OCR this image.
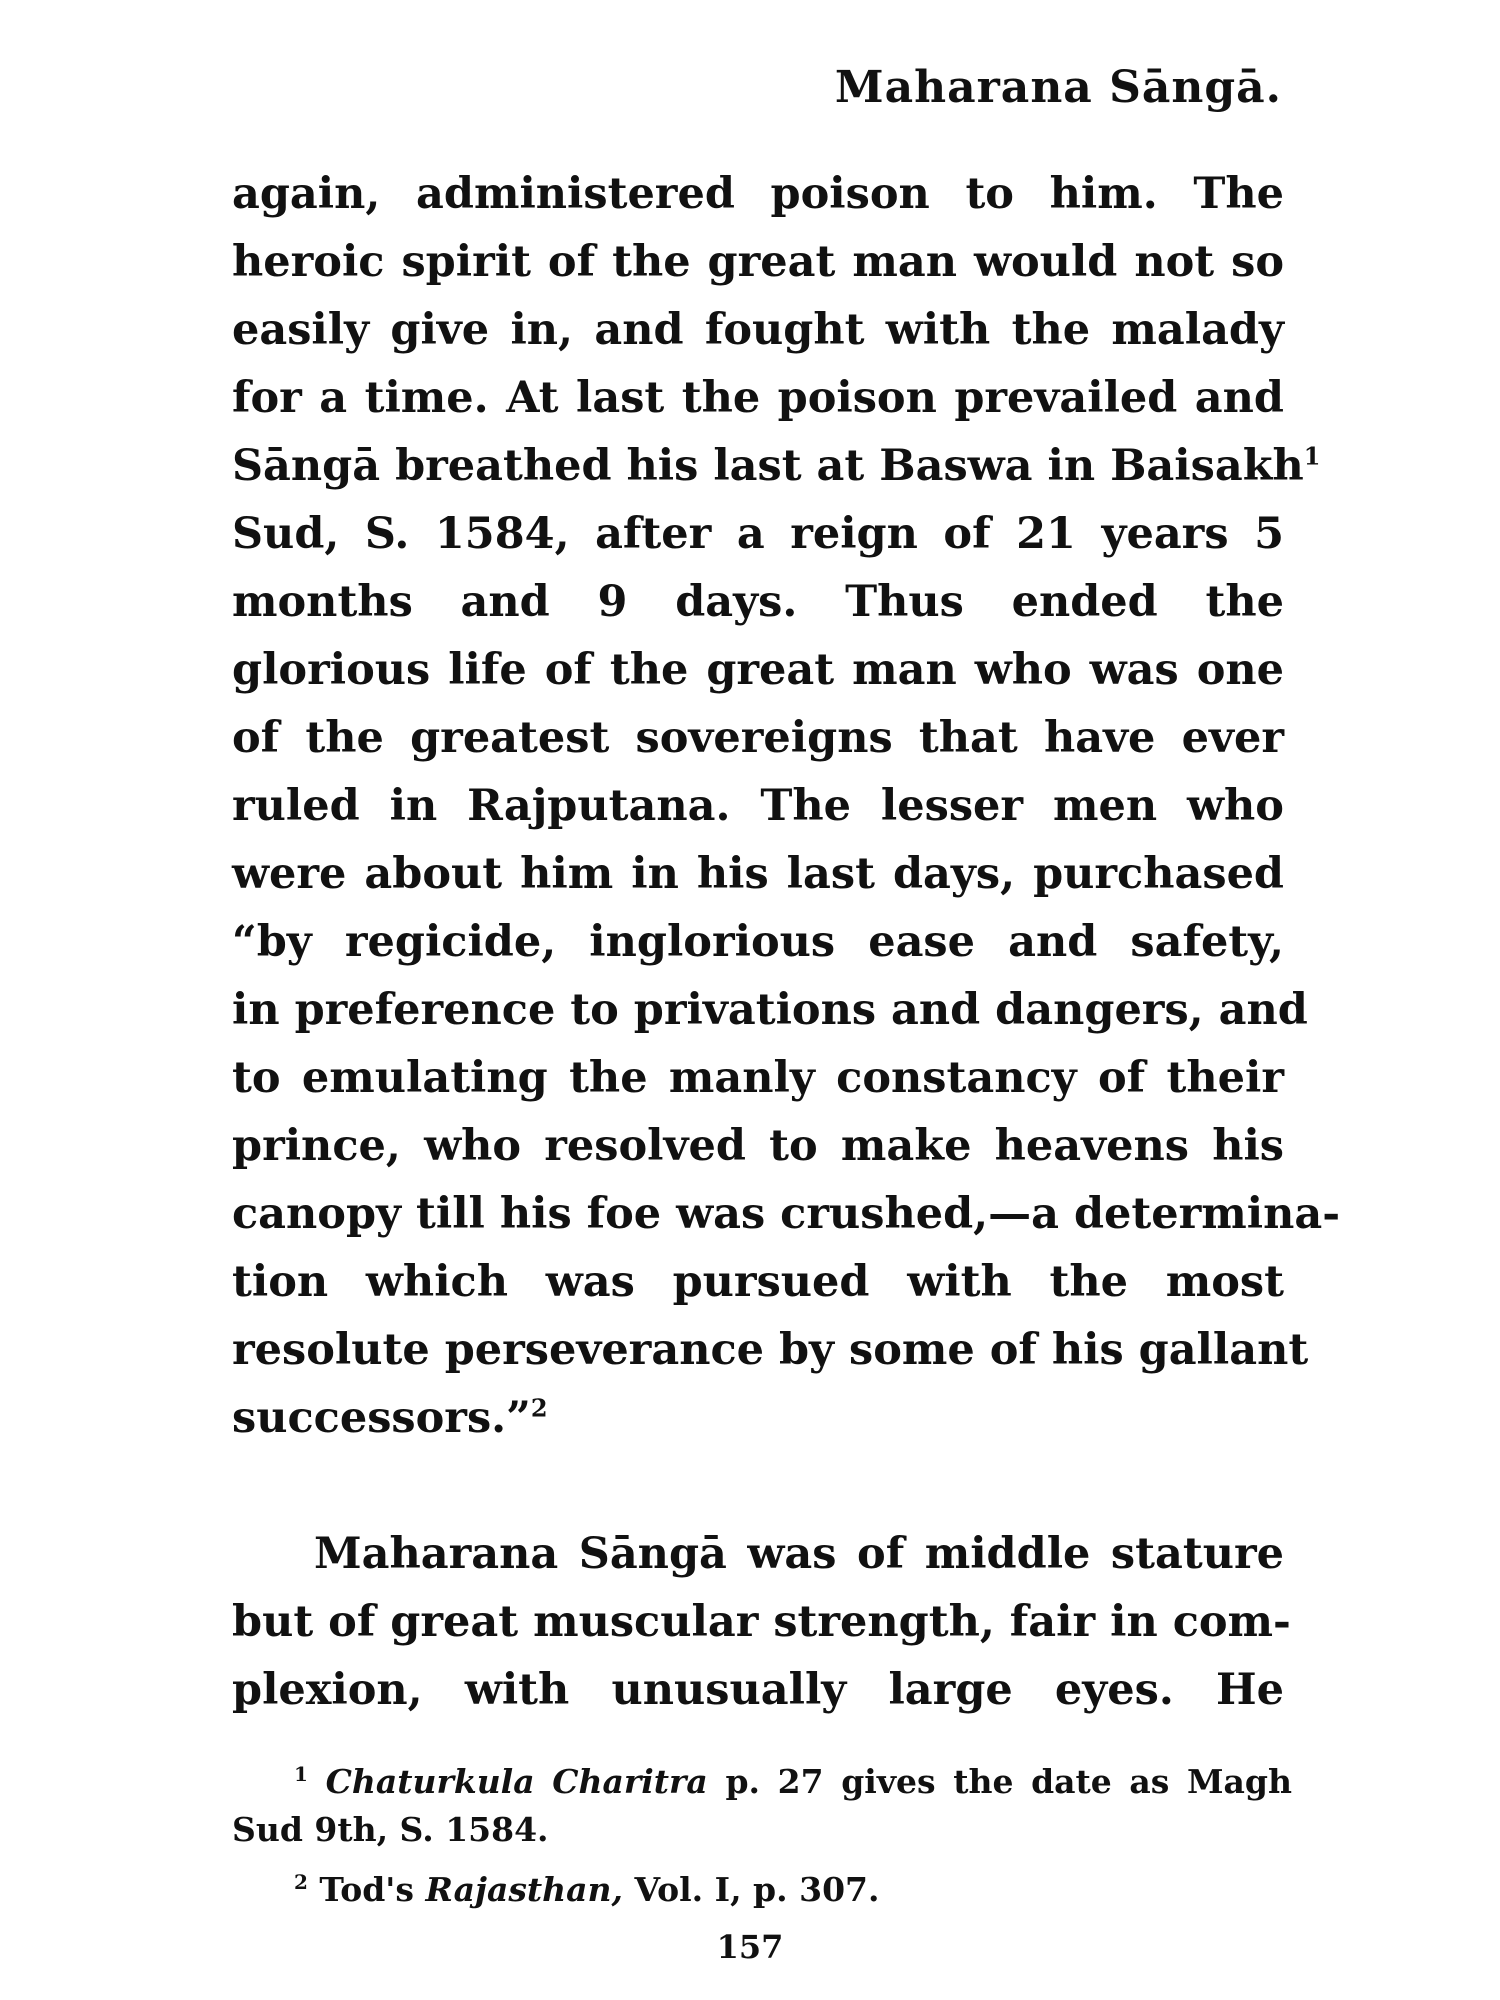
Maharana Sāngā.
again, administered poison to him. The
heroic spirit of the great man would not so
easily give in, and fought with the malady
for a time. At last the poison prevailed and
Sāngā breathed his last at Baswa in Baisakh$^1$
Sud, S. 1584, after a reign of 21 years 5
months and 9 days. Thus ended the
glorious life of the great man who was one
of the greatest sovereigns that have ever
ruled in Rajputana. The lesser men who
were about him in his last days, purchased
“by regicide, inglorious ease and safety,
in preference to privations and dangers, and
to emulating the manly constancy of their
prince, who resolved to make heavens his
canopy till his foe was crushed,—a determina-
tion which was pursued with the most
resolute perseverance by some of his gallant
successors.”$^2$
Maharana Sāngā was of middle stature
but of great muscular strength, fair in com-
plexion, with unusually large eyes. He
$^1$ Chaturkula Charitra p. 27 gives the date as Magh
Sud 9th, S. 1584.
$^2$ Tod's Rajasthan, Vol. I, p. 307.
157
